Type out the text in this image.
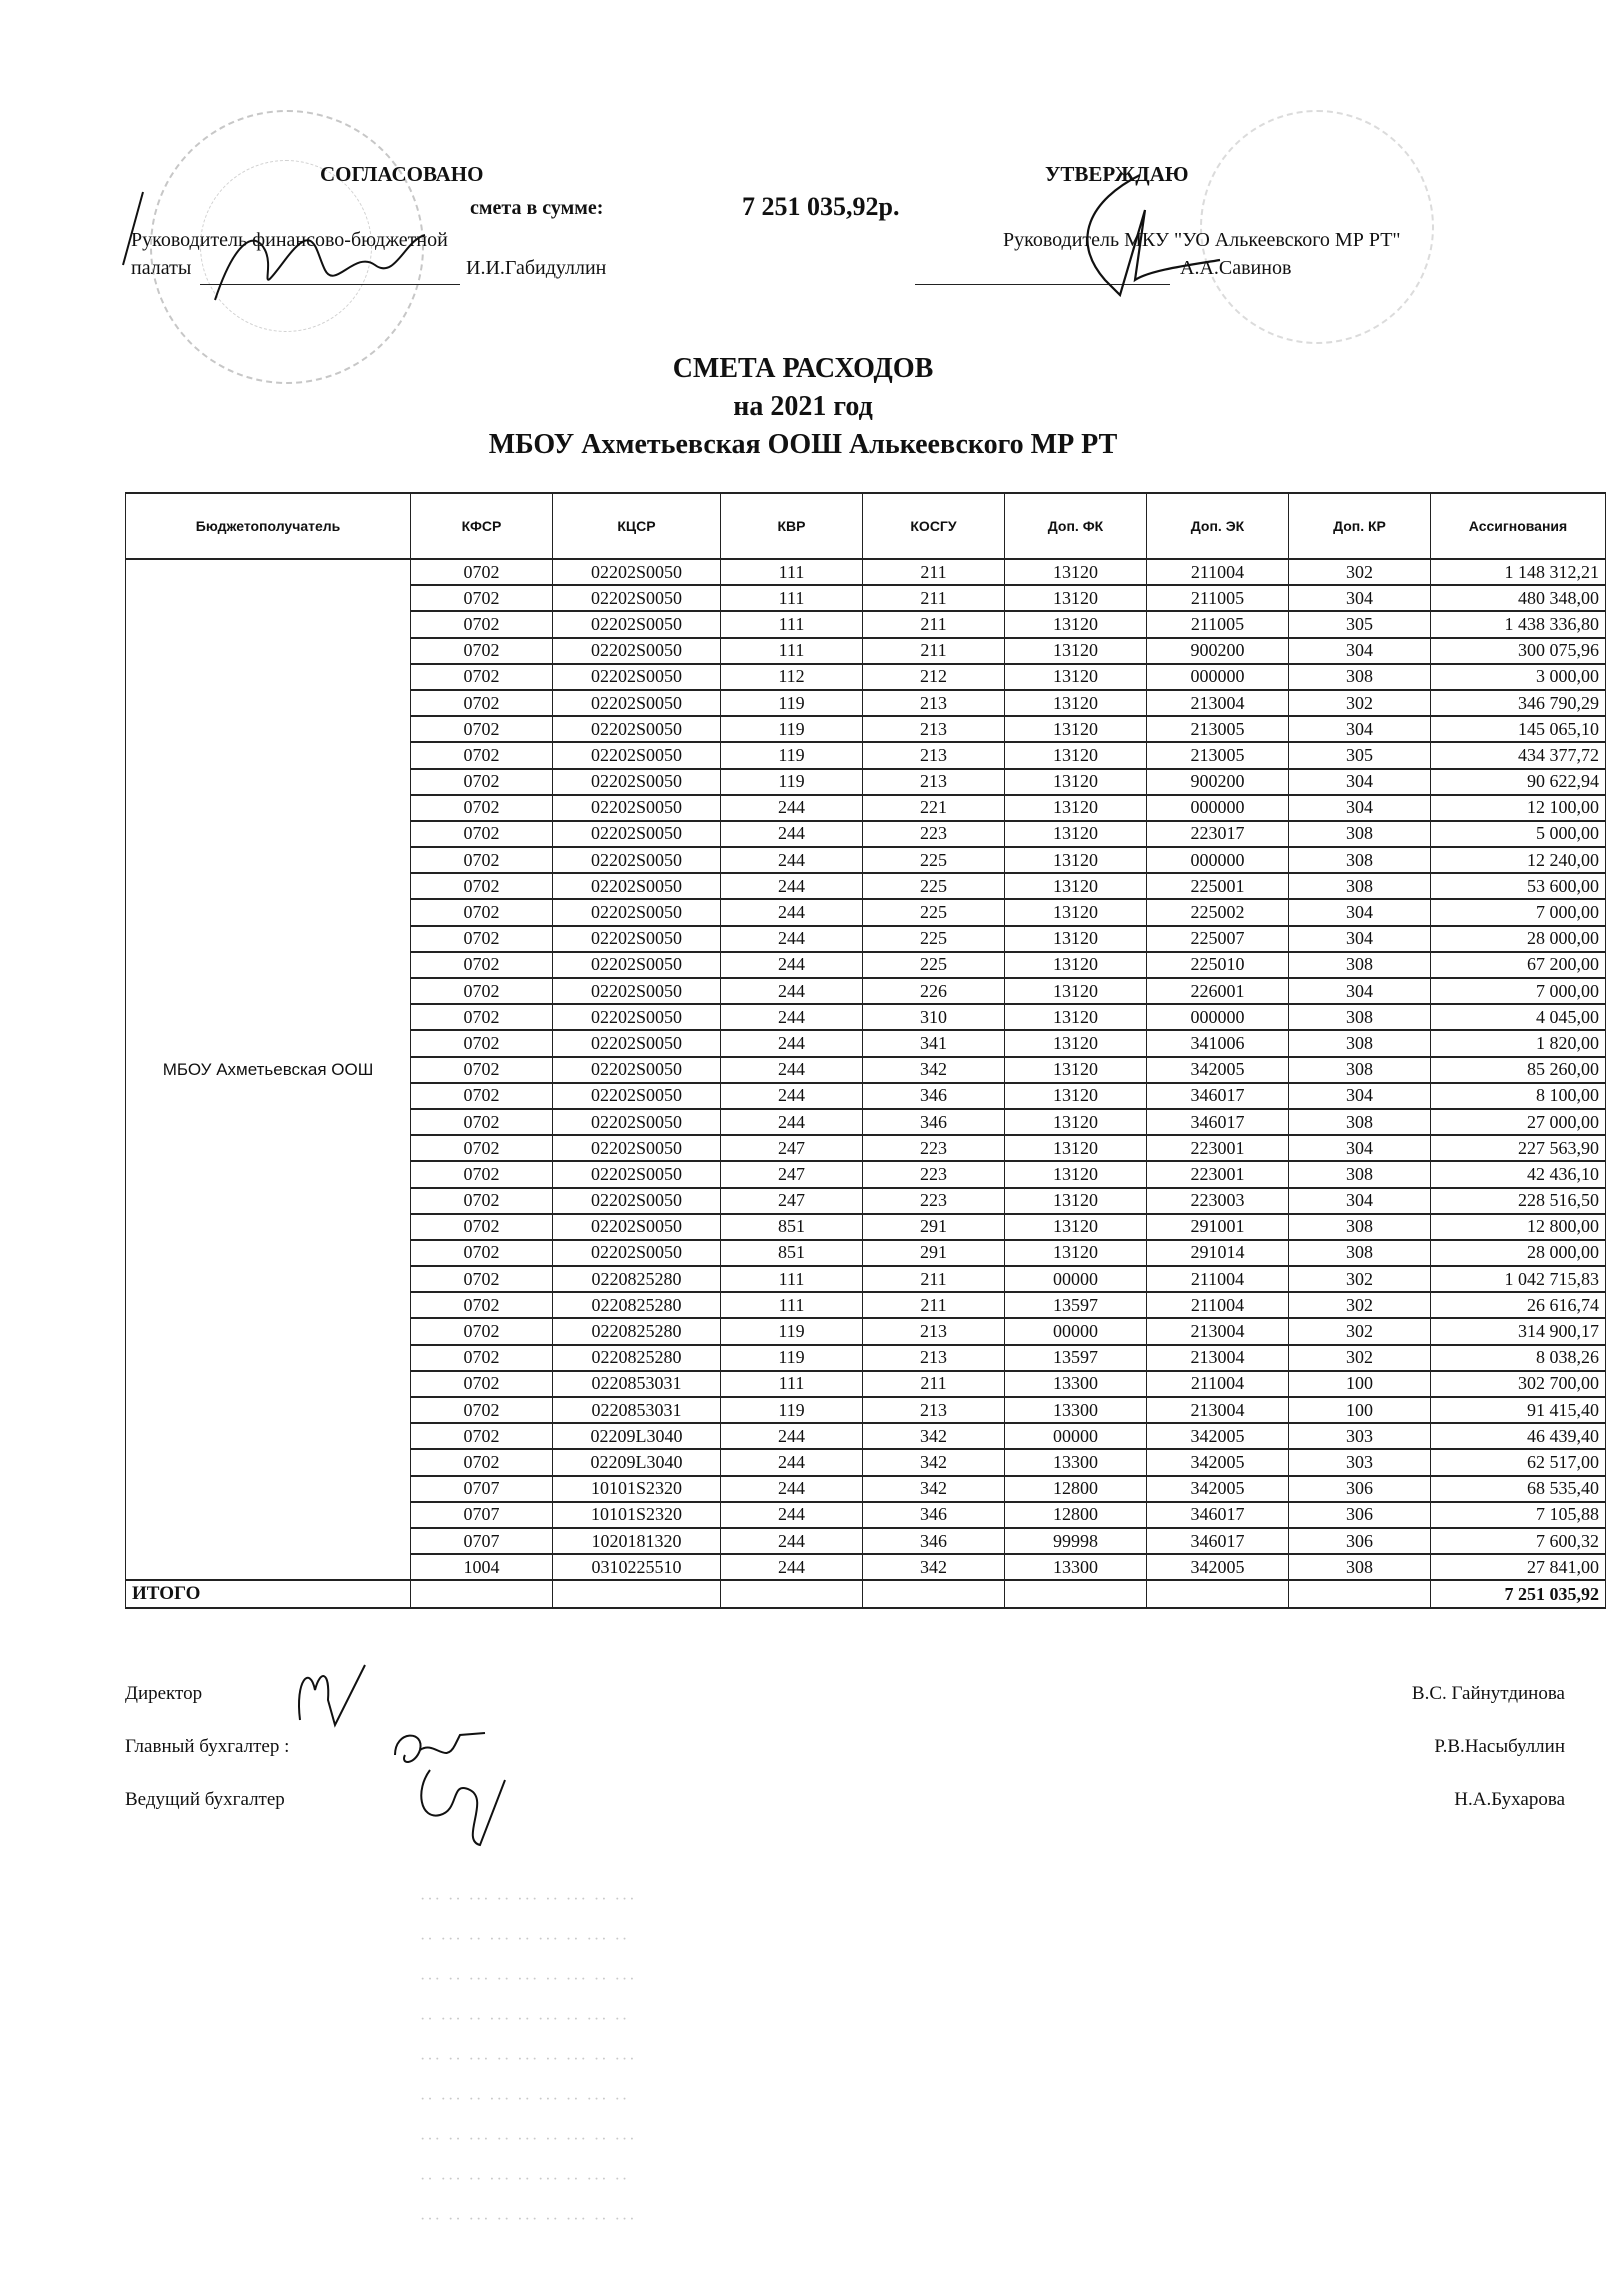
СОГЛАСОВАНО
смета в сумме:	7 251 035,92р.
Руководитель финансово-бюджетной
палаты	И.И.Габидуллин
УТВЕРЖДАЮ
Руководитель МКУ "УО Алькеевского МР РТ"
А.А.Савинов
СМЕТА РАСХОДОВ
на 2021 год
МБОУ Ахметьевская ООШ Алькеевского МР РТ
Бюджетополучатель	КФСР	КЦСР	КВР	КОСГУ	Доп. ФК	Доп. ЭК	Доп. КР	Ассигнования
МБОУ Ахметьевская ООШ	0702	02202S0050	111	211	13120	211004	302	1 148 312,21
	0702	02202S0050	111	211	13120	211005	304	480 348,00
	0702	02202S0050	111	211	13120	211005	305	1 438 336,80
	0702	02202S0050	111	211	13120	900200	304	300 075,96
	0702	02202S0050	112	212	13120	000000	308	3 000,00
	0702	02202S0050	119	213	13120	213004	302	346 790,29
	0702	02202S0050	119	213	13120	213005	304	145 065,10
	0702	02202S0050	119	213	13120	213005	305	434 377,72
	0702	02202S0050	119	213	13120	900200	304	90 622,94
	0702	02202S0050	244	221	13120	000000	304	12 100,00
	0702	02202S0050	244	223	13120	223017	308	5 000,00
	0702	02202S0050	244	225	13120	000000	308	12 240,00
	0702	02202S0050	244	225	13120	225001	308	53 600,00
	0702	02202S0050	244	225	13120	225002	304	7 000,00
	0702	02202S0050	244	225	13120	225007	304	28 000,00
	0702	02202S0050	244	225	13120	225010	308	67 200,00
	0702	02202S0050	244	226	13120	226001	304	7 000,00
	0702	02202S0050	244	310	13120	000000	308	4 045,00
	0702	02202S0050	244	341	13120	341006	308	1 820,00
	0702	02202S0050	244	342	13120	342005	308	85 260,00
	0702	02202S0050	244	346	13120	346017	304	8 100,00
	0702	02202S0050	244	346	13120	346017	308	27 000,00
	0702	02202S0050	247	223	13120	223001	304	227 563,90
	0702	02202S0050	247	223	13120	223001	308	42 436,10
	0702	02202S0050	247	223	13120	223003	304	228 516,50
	0702	02202S0050	851	291	13120	291001	308	12 800,00
	0702	02202S0050	851	291	13120	291014	308	28 000,00
	0702	0220825280	111	211	00000	211004	302	1 042 715,83
	0702	0220825280	111	211	13597	211004	302	26 616,74
	0702	0220825280	119	213	00000	213004	302	314 900,17
	0702	0220825280	119	213	13597	213004	302	8 038,26
	0702	0220853031	111	211	13300	211004	100	302 700,00
	0702	0220853031	119	213	13300	213004	100	91 415,40
	0702	02209L3040	244	342	00000	342005	303	46 439,40
	0702	02209L3040	244	342	13300	342005	303	62 517,00
	0707	10101S2320	244	342	12800	342005	306	68 535,40
	0707	10101S2320	244	346	12800	346017	306	7 105,88
	0707	1020181320	244	346	99998	346017	306	7 600,32
	1004	0310225510	244	342	13300	342005	308	27 841,00
ИТОГО								7 251 035,92
Директор	В.С. Гайнутдинова
Главный бухгалтер :	Р.В.Насыбуллин
Ведущий бухгалтер	Н.А.Бухарова
··· ·· ··· ·· ··· ·· ··· ·· ···
·· ··· ·· ··· ·· ··· ·· ··· ··
··· ·· ··· ·· ··· ·· ··· ·· ···
·· ··· ·· ··· ·· ··· ·· ··· ··
··· ·· ··· ·· ··· ·· ··· ·· ···
·· ··· ·· ··· ·· ··· ·· ··· ··
··· ·· ··· ·· ··· ·· ··· ·· ···
·· ··· ·· ··· ·· ··· ·· ··· ··
··· ·· ··· ·· ··· ·· ··· ·· ···
